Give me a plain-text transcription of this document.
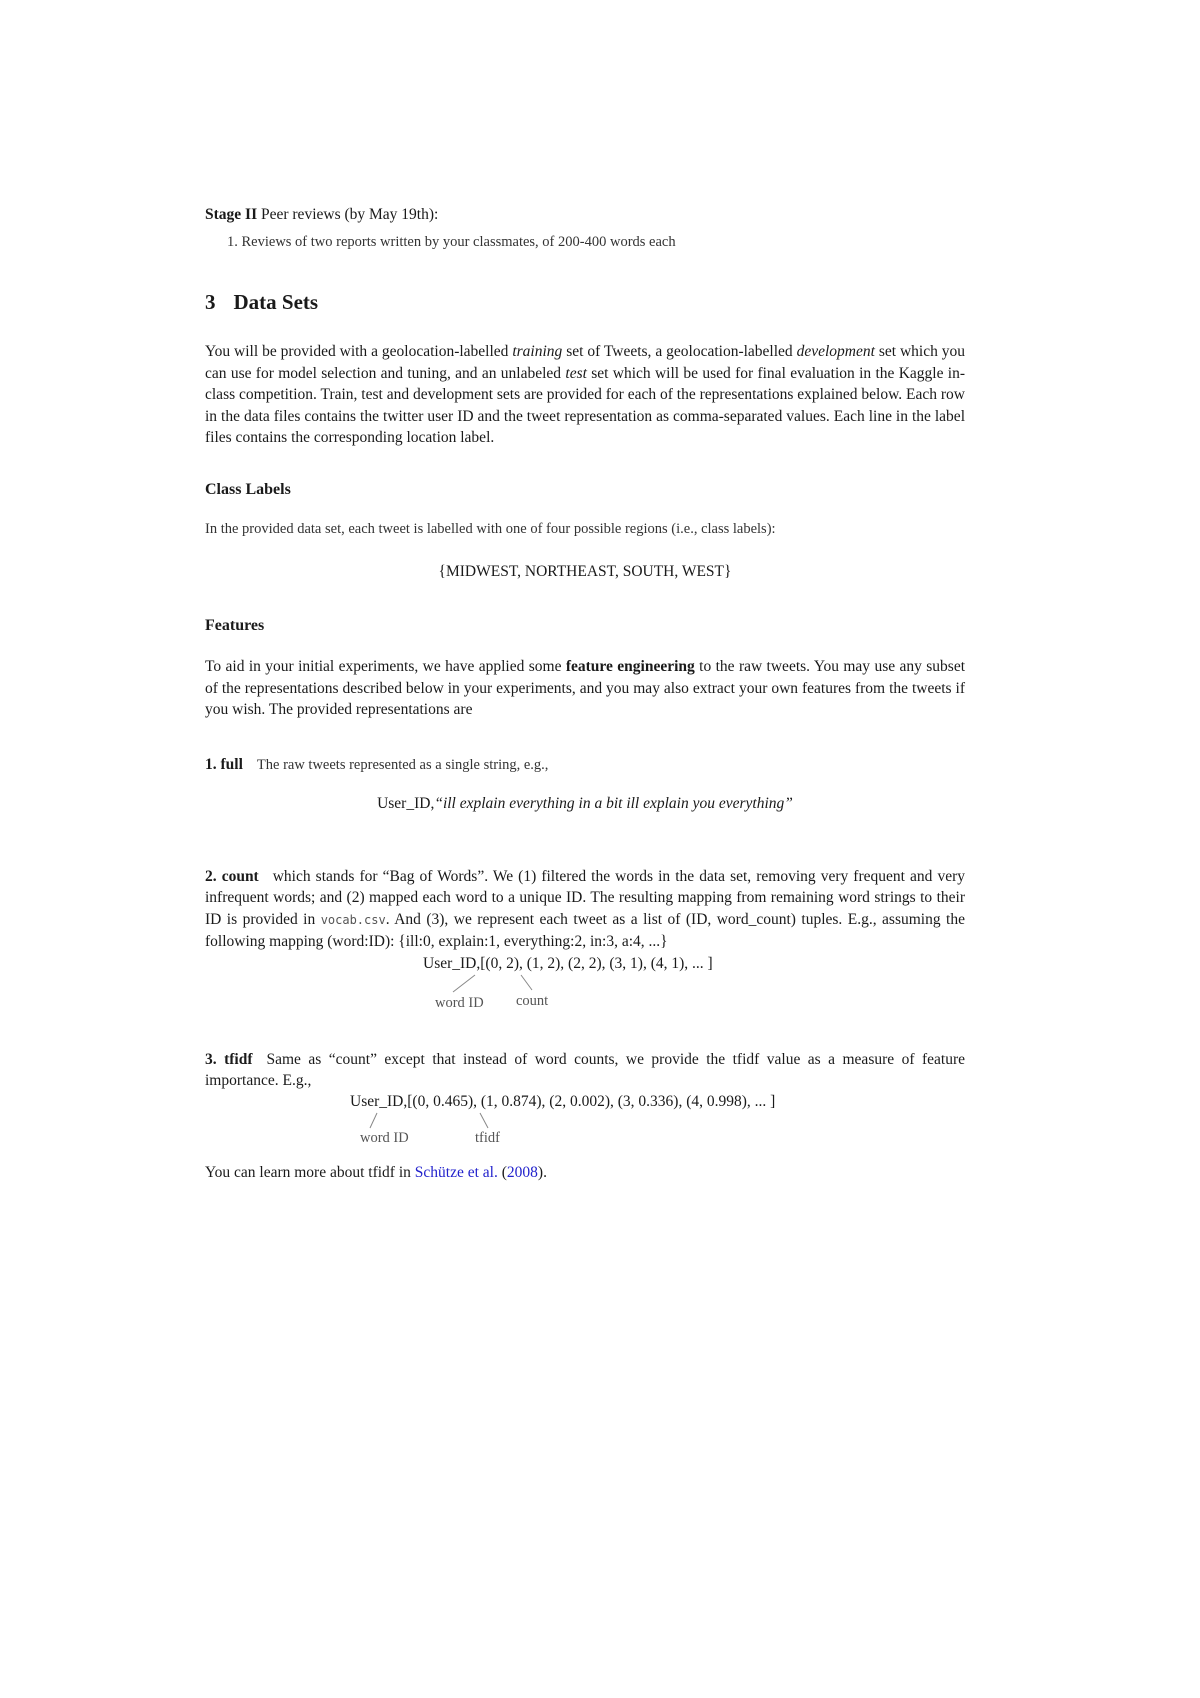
Stage II Peer reviews (by May 19th):
1. Reviews of two reports written by your classmates, of 200-400 words each
3 Data Sets

You will be provided with a geolocation-labelled training set of Tweets, a geolocation-labelled development set which you can use for model selection and tuning, and an unlabeled test set which will be used for final evaluation in the Kaggle in-class competition. Train, test and development sets are provided for each of the representations explained below. Each row in the data files contains the twitter user ID and the tweet representation as comma-separated values. Each line in the label files contains the corresponding location label.

Class Labels

In the provided data set, each tweet is labelled with one of four possible regions (i.e., class labels):

{MIDWEST, NORTHEAST, SOUTH, WEST}
Features

To aid in your initial experiments, we have applied some feature engineering to the raw tweets. You may use any subset of the representations described below in your experiments, and you may also extract your own features from the tweets if you wish. The provided representations are

1. full The raw tweets represented as a single string, e.g.,
User_ID,“ill explain everything in a bit ill explain you everything”

2. count which stands for “Bag of Words”. We (1) filtered the words in the data set, removing very frequent and very infrequent words; and (2) mapped each word to a unique ID. The resulting mapping from remaining word strings to their ID is provided in vocab.csv. And (3), we represent each tweet as a list of (ID, word_count) tuples. E.g., assuming the following mapping (word:ID): {ill:0, explain:1, everything:2, in:3, a:4, ...}

User_ID,[(0, 2), (1, 2), (2, 2), (3, 1), (4, 1), ... ]
word ID count

3. tfidf Same as “count” except that instead of word counts, we provide the tfidf value as a measure of feature importance. E.g.,

User_ID,[(0, 0.465), (1, 0.874), (2, 0.002), (3, 0.336), (4, 0.998), ... ]
word ID	tfidf
You can learn more about tfidf in Schütze et al. (2008).
